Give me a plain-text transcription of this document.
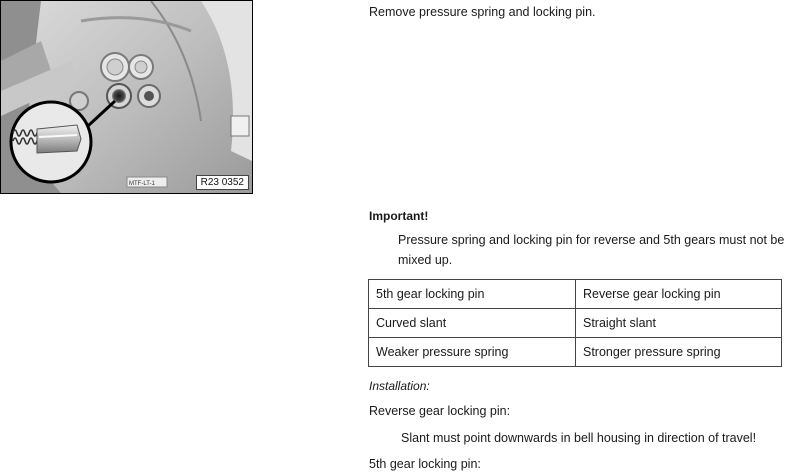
MTF-LT-1	R23 0352
Remove pressure spring and locking pin.
Important!
Pressure spring and locking pin for reverse and 5th gears must not be mixed up.
5th gear locking pin	Reverse gear locking pin
Curved slant	Straight slant
Weaker pressure spring	Stronger pressure spring
Installation:
Reverse gear locking pin:
Slant must point downwards in bell housing in direction of travel!
5th gear locking pin:
